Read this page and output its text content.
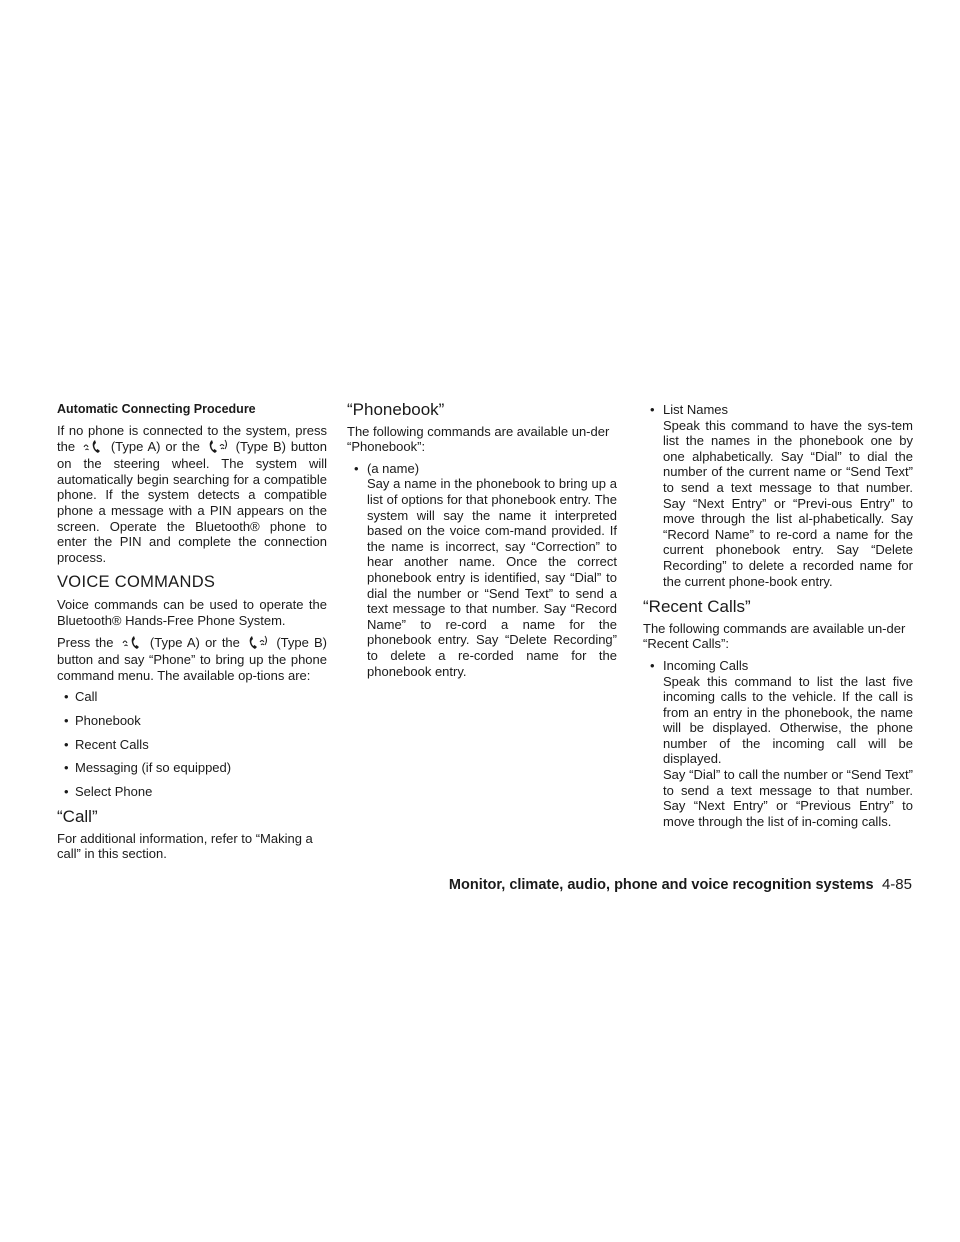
Automatic Connecting Procedure

If no phone is connected to the system, press the	(Type A) or the	(Type B) button on the steering wheel. The system will automatically begin searching for a compatible phone. If the system detects a compatible phone a message with a PIN appears on the screen. Operate the Bluetooth® phone to enter the PIN and complete the connection process.

VOICE COMMANDS

Voice commands can be used to operate the Bluetooth® Hands-Free Phone System.

Press the	(Type A) or the	(Type B) button and say “Phone” to bring up the phone command menu. The available op-tions are:

• Call
• Phonebook
• Recent Calls
• Messaging (if so equipped)
• Select Phone
“Call”

For additional information, refer to “Making a call” in this section.

“Phonebook”

The following commands are available un-der “Phonebook”:

• (a name)
Say a name in the phonebook to bring up a list of options for that phonebook entry. The system will say the name it interpreted based on the voice com-mand provided. If the name is incorrect, say “Correction” to hear another name. Once the correct phonebook entry is identified, say “Dial” to dial the number or “Send Text” to send a text message to that number. Say “Record Name” to re-cord a name for the phonebook entry. Say “Delete Recording” to delete a re-corded name for the phonebook entry.
• List Names
Speak this command to have the sys-tem list the names in the phonebook one by one alphabetically. Say “Dial” to dial the number of the current name or “Send Text” to send a text message to that number. Say “Next Entry” or “Previ-ous Entry” to move through the list al-phabetically. Say “Record Name” to re-cord a name for the current phonebook entry. Say “Delete Recording” to delete a recorded name for the current phone-book entry.
“Recent Calls”

The following commands are available un-der “Recent Calls”:

• Incoming Calls
Speak this command to list the last five incoming calls to the vehicle. If the call is from an entry in the phonebook, the name will be displayed. Otherwise, the phone number of the incoming call will be displayed.
Say “Dial” to call the number or “Send Text” to send a text message to that number. Say “Next Entry” or “Previous Entry” to move through the list of in-coming calls.
Monitor, climate, audio, phone and voice recognition systems 4-85
